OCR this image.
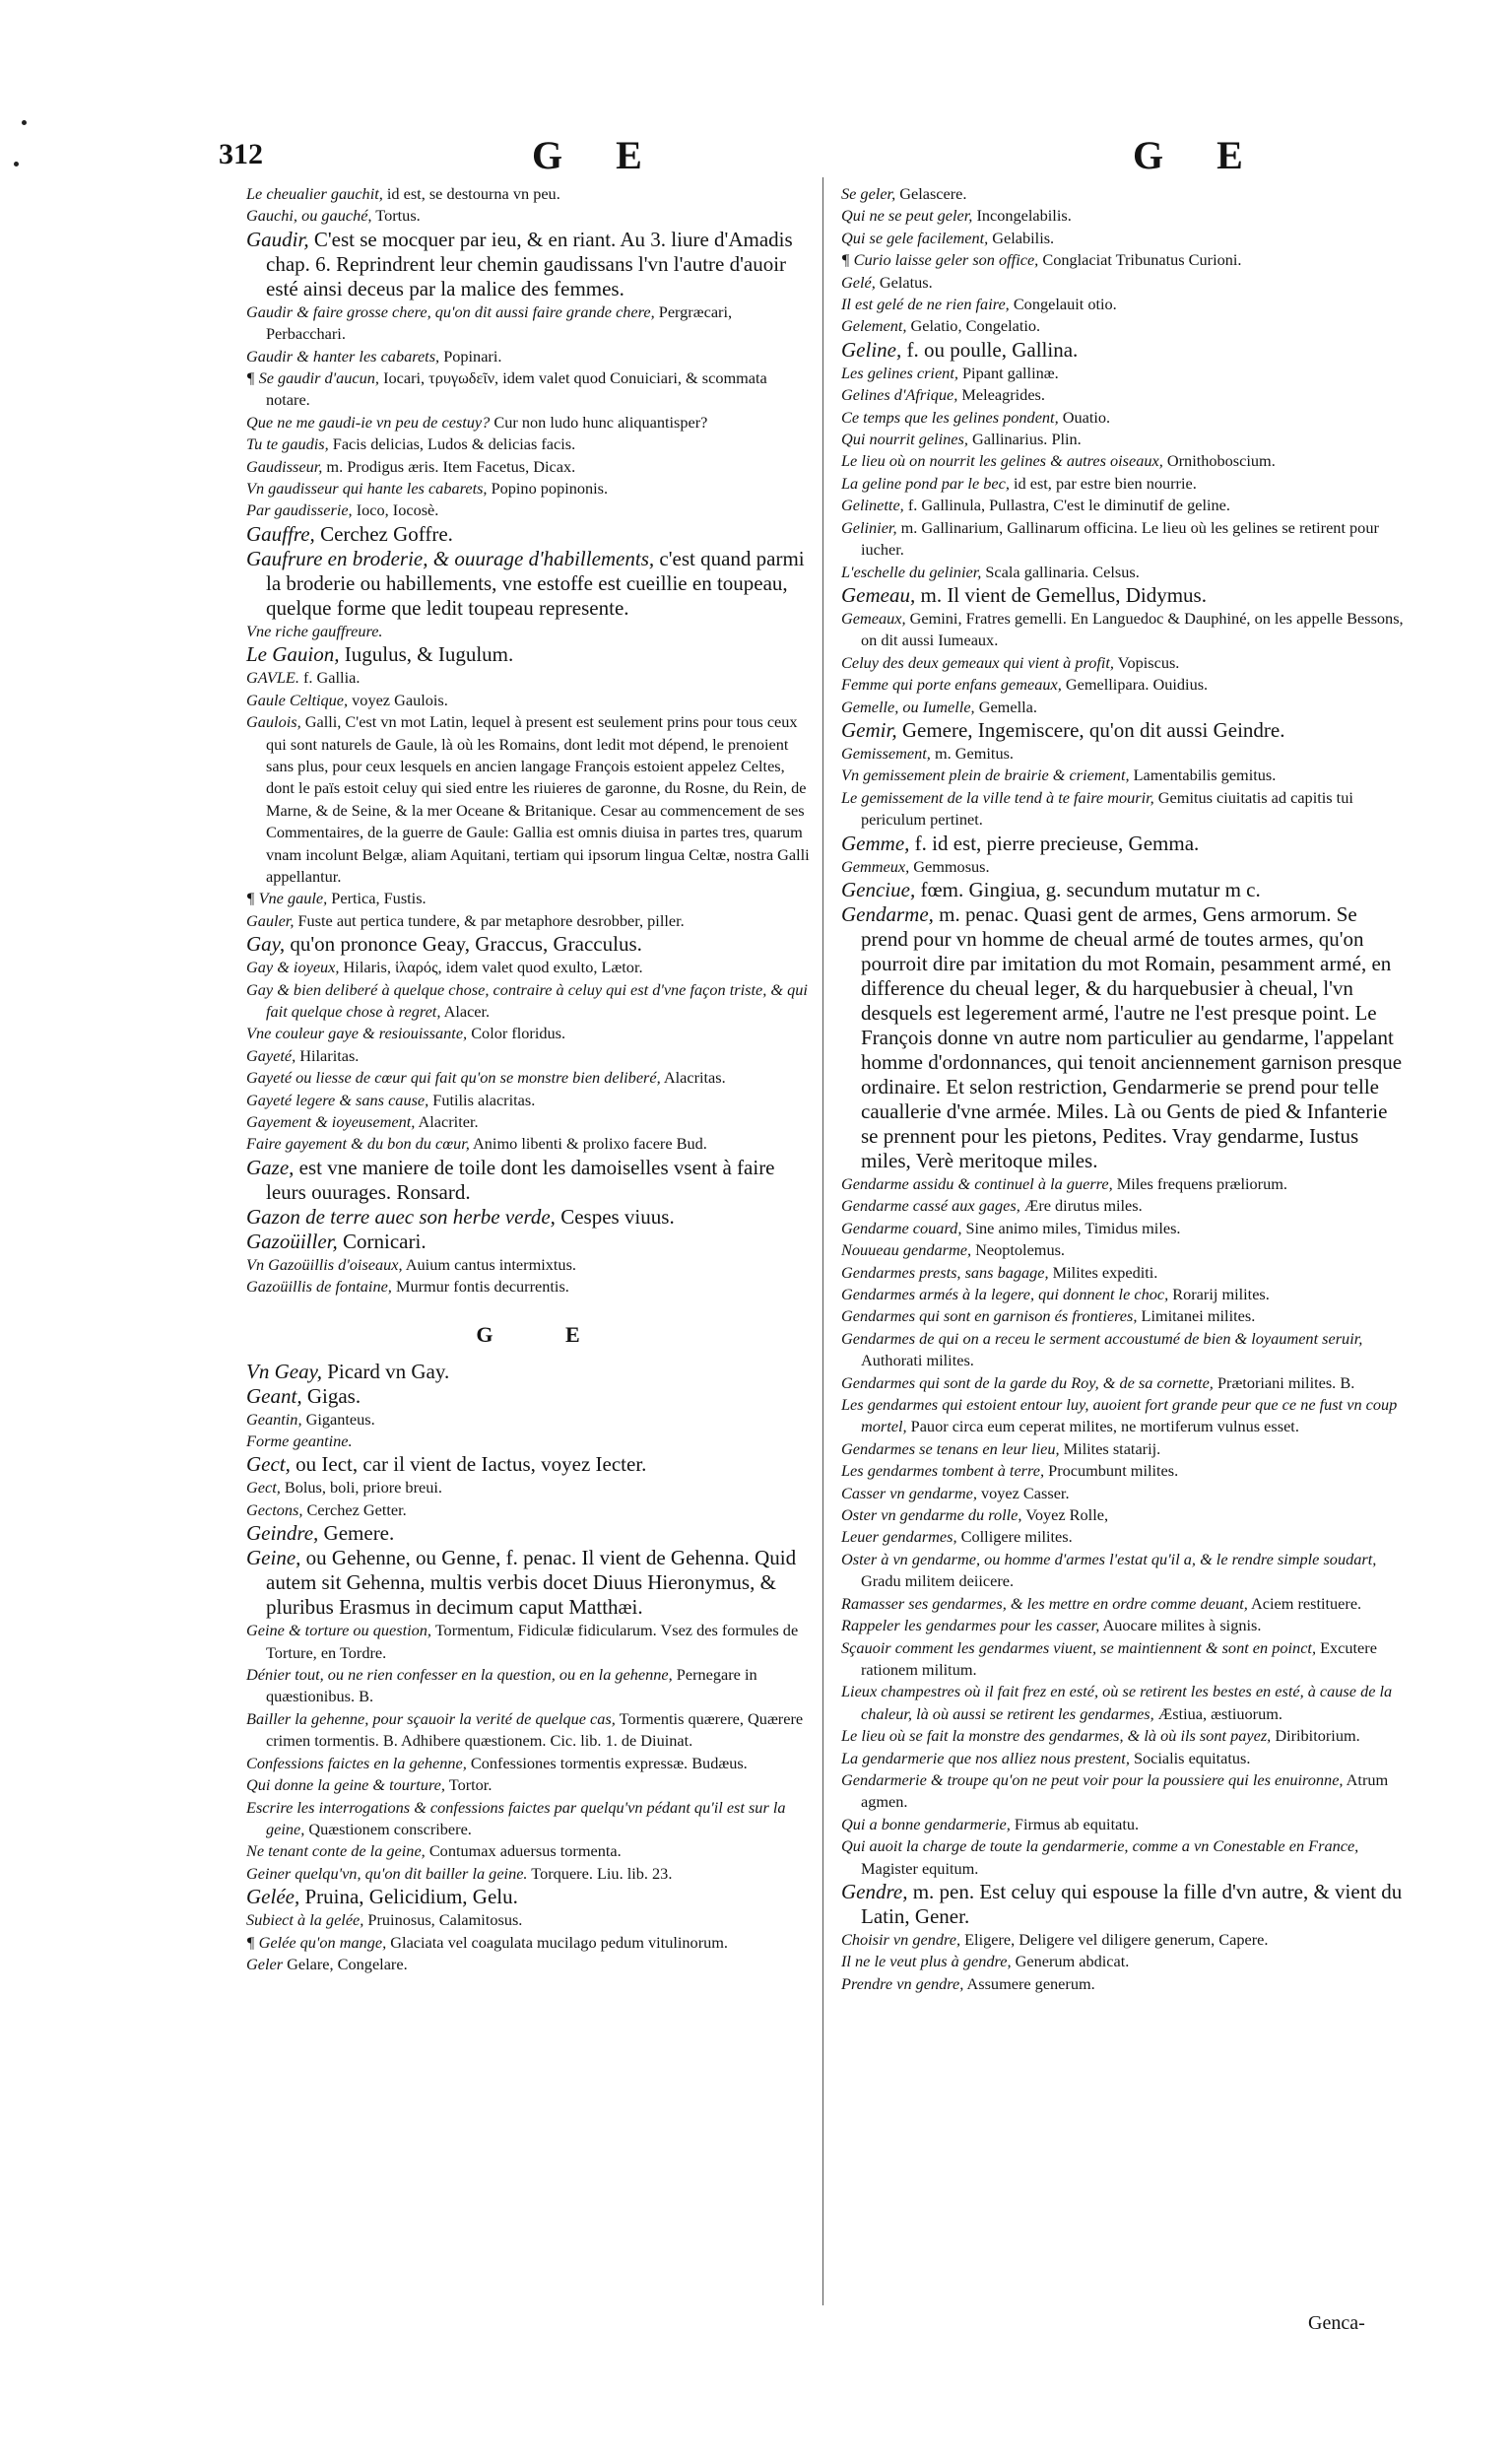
312	G E	G E

Le cheualier gauchit, id est, se destourna vn peu.

Gauchi, ou gauché, Tortus.

Gaudir, C'est se mocquer par ieu, & en riant. Au 3. liure d'Amadis chap. 6. Reprindrent leur chemin gaudissans l'vn l'autre d'auoir esté ainsi deceus par la malice des femmes.

Gaudir & faire grosse chere, qu'on dit aussi faire grande chere, Pergræcari, Perbacchari.

Gaudir & hanter les cabarets, Popinari.

¶ Se gaudir d'aucun, Iocari, τρυγωδεῖν, idem valet quod Conuiciari, & scommata notare.

Que ne me gaudi-ie vn peu de cestuy? Cur non ludo hunc aliquantisper?

Tu te gaudis, Facis delicias, Ludos & delicias facis.

Gaudisseur, m. Prodigus æris. Item Facetus, Dicax.

Vn gaudisseur qui hante les cabarets, Popino popinonis.

Par gaudisserie, Ioco, Iocosè.

Gauffre, Cerchez Goffre.

Gaufrure en broderie, & ouurage d'habillements, c'est quand parmi la broderie ou habillements, vne estoffe est cueillie en toupeau, quelque forme que ledit toupeau represente.

Vne riche gauffreure.

Le Gauion, Iugulus, & Iugulum.

GAVLE. f. Gallia.

Gaule Celtique, voyez Gaulois.

Gaulois, Galli, C'est vn mot Latin, lequel à present est seulement prins pour tous ceux qui sont naturels de Gaule, là où les Romains, dont ledit mot dépend, le prenoient sans plus, pour ceux lesquels en ancien langage François estoient appelez Celtes, dont le païs estoit celuy qui sied entre les riuieres de garonne, du Rosne, du Rein, de Marne, & de Seine, & la mer Oceane & Britanique. Cesar au commencement de ses Commentaires, de la guerre de Gaule: Gallia est omnis diuisa in partes tres, quarum vnam incolunt Belgæ, aliam Aquitani, tertiam qui ipsorum lingua Celtæ, nostra Galli appellantur.

¶ Vne gaule, Pertica, Fustis.

Gauler, Fuste aut pertica tundere, & par metaphore desrobber, piller.

Gay, qu'on prononce Geay, Graccus, Gracculus.

Gay & ioyeux, Hilaris, ἱλαρός, idem valet quod exulto, Lætor.

Gay & bien deliberé à quelque chose, contraire à celuy qui est d'vne façon triste, & qui fait quelque chose à regret, Alacer.

Vne couleur gaye & resiouissante, Color floridus.

Gayeté, Hilaritas.

Gayeté ou liesse de cœur qui fait qu'on se monstre bien deliberé, Alacritas.

Gayeté legere & sans cause, Futilis alacritas.

Gayement & ioyeusement, Alacriter.

Faire gayement & du bon du cœur, Animo libenti & prolixo facere Bud.

Gaze, est vne maniere de toile dont les damoiselles vsent à faire leurs ouurages. Ronsard.

Gazon de terre auec son herbe verde, Cespes viuus.

Gazoüiller, Cornicari.

Vn Gazoüillis d'oiseaux, Auium cantus intermixtus.

Gazoüillis de fontaine, Murmur fontis decurrentis.

G E

Vn Geay, Picard vn Gay.

Geant, Gigas.

Geantin, Giganteus.

Forme geantine.

Gect, ou Iect, car il vient de Iactus, voyez Iecter.

Gect, Bolus, boli, priore breui.

Gectons, Cerchez Getter.

Geindre, Gemere.

Geine, ou Gehenne, ou Genne, f. penac. Il vient de Gehenna. Quid autem sit Gehenna, multis verbis docet Diuus Hieronymus, & pluribus Erasmus in decimum caput Matthæi.

Geine & torture ou question, Tormentum, Fidiculæ fidicularum. Vsez des formules de Torture, en Tordre.

Dénier tout, ou ne rien confesser en la question, ou en la gehenne, Pernegare in quæstionibus. B.

Bailler la gehenne, pour sçauoir la verité de quelque cas, Tormentis quærere, Quærere crimen tormentis. B. Adhibere quæstionem. Cic. lib. 1. de Diuinat.

Confessions faictes en la gehenne, Confessiones tormentis expressæ. Budæus.

Qui donne la geine & tourture, Tortor.

Escrire les interrogations & confessions faictes par quelqu'vn pédant qu'il est sur la geine, Quæstionem conscribere.

Ne tenant conte de la geine, Contumax aduersus tormenta.

Geiner quelqu'vn, qu'on dit bailler la geine. Torquere. Liu. lib. 23.

Gelée, Pruina, Gelicidium, Gelu.

Subiect à la gelée, Pruinosus, Calamitosus.

¶ Gelée qu'on mange, Glaciata vel coagulata mucilago pedum vitulinorum.

Geler Gelare, Congelare.

Se geler, Gelascere.

Qui ne se peut geler, Incongelabilis.

Qui se gele facilement, Gelabilis.

¶ Curio laisse geler son office, Conglaciat Tribunatus Curioni.

Gelé, Gelatus.

Il est gelé de ne rien faire, Congelauit otio.

Gelement, Gelatio, Congelatio.

Geline, f. ou poulle, Gallina.

Les gelines crient, Pipant gallinæ.

Gelines d'Afrique, Meleagrides.

Ce temps que les gelines pondent, Ouatio.

Qui nourrit gelines, Gallinarius. Plin.

Le lieu où on nourrit les gelines & autres oiseaux, Ornithoboscium.

La geline pond par le bec, id est, par estre bien nourrie.

Gelinette, f. Gallinula, Pullastra, C'est le diminutif de geline.

Gelinier, m. Gallinarium, Gallinarum officina. Le lieu où les gelines se retirent pour iucher.

L'eschelle du gelinier, Scala gallinaria. Celsus.

Gemeau, m. Il vient de Gemellus, Didymus.

Gemeaux, Gemini, Fratres gemelli. En Languedoc & Dauphiné, on les appelle Bessons, on dit aussi Iumeaux.

Celuy des deux gemeaux qui vient à profit, Vopiscus.

Femme qui porte enfans gemeaux, Gemellipara. Ouidius.

Gemelle, ou Iumelle, Gemella.

Gemir, Gemere, Ingemiscere, qu'on dit aussi Geindre.

Gemissement, m. Gemitus.

Vn gemissement plein de brairie & criement, Lamentabilis gemitus.

Le gemissement de la ville tend à te faire mourir, Gemitus ciuitatis ad capitis tui periculum pertinet.

Gemme, f. id est, pierre precieuse, Gemma.

Gemmeux, Gemmosus.

Genciue, fœm. Gingiua, g. secundum mutatur m c.

Gendarme, m. penac. Quasi gent de armes, Gens armorum. Se prend pour vn homme de cheual armé de toutes armes, qu'on pourroit dire par imitation du mot Romain, pesamment armé, en difference du cheual leger, & du harquebusier à cheual, l'vn desquels est legerement armé, l'autre ne l'est presque point. Le François donne vn autre nom particulier au gendarme, l'appelant homme d'ordonnances, qui tenoit anciennement garnison presque ordinaire. Et selon restriction, Gendarmerie se prend pour telle cauallerie d'vne armée. Miles. Là ou Gents de pied & Infanterie se prennent pour les pietons, Pedites. Vray gendarme, Iustus miles, Verè meritoque miles.

Gendarme assidu & continuel à la guerre, Miles frequens præliorum.

Gendarme cassé aux gages, Ære dirutus miles.

Gendarme couard, Sine animo miles, Timidus miles.

Nouueau gendarme, Neoptolemus.

Gendarmes prests, sans bagage, Milites expediti.

Gendarmes armés à la legere, qui donnent le choc, Rorarij milites.

Gendarmes qui sont en garnison és frontieres, Limitanei milites.

Gendarmes de qui on a receu le serment accoustumé de bien & loyaument seruir, Authorati milites.

Gendarmes qui sont de la garde du Roy, & de sa cornette, Prætoriani milites. B.

Les gendarmes qui estoient entour luy, auoient fort grande peur que ce ne fust vn coup mortel, Pauor circa eum ceperat milites, ne mortiferum vulnus esset.

Gendarmes se tenans en leur lieu, Milites statarij.

Les gendarmes tombent à terre, Procumbunt milites.

Casser vn gendarme, voyez Casser.

Oster vn gendarme du rolle, Voyez Rolle,

Leuer gendarmes, Colligere milites.

Oster à vn gendarme, ou homme d'armes l'estat qu'il a, & le rendre simple soudart, Gradu militem deiicere.

Ramasser ses gendarmes, & les mettre en ordre comme deuant, Aciem restituere.

Rappeler les gendarmes pour les casser, Auocare milites à signis.

Sçauoir comment les gendarmes viuent, se maintiennent & sont en poinct, Excutere rationem militum.

Lieux champestres où il fait frez en esté, où se retirent les bestes en esté, à cause de la chaleur, là où aussi se retirent les gendarmes, Æstiua, æstiuorum.

Le lieu où se fait la monstre des gendarmes, & là où ils sont payez, Diribitorium.

La gendarmerie que nos alliez nous prestent, Socialis equitatus.

Gendarmerie & troupe qu'on ne peut voir pour la poussiere qui les enuironne, Atrum agmen.

Qui a bonne gendarmerie, Firmus ab equitatu.

Qui auoit la charge de toute la gendarmerie, comme a vn Conestable en France, Magister equitum.

Gendre, m. pen. Est celuy qui espouse la fille d'vn autre, & vient du Latin, Gener.

Choisir vn gendre, Eligere, Deligere vel diligere generum, Capere.

Il ne le veut plus à gendre, Generum abdicat.

Prendre vn gendre, Assumere generum.

Genca-
